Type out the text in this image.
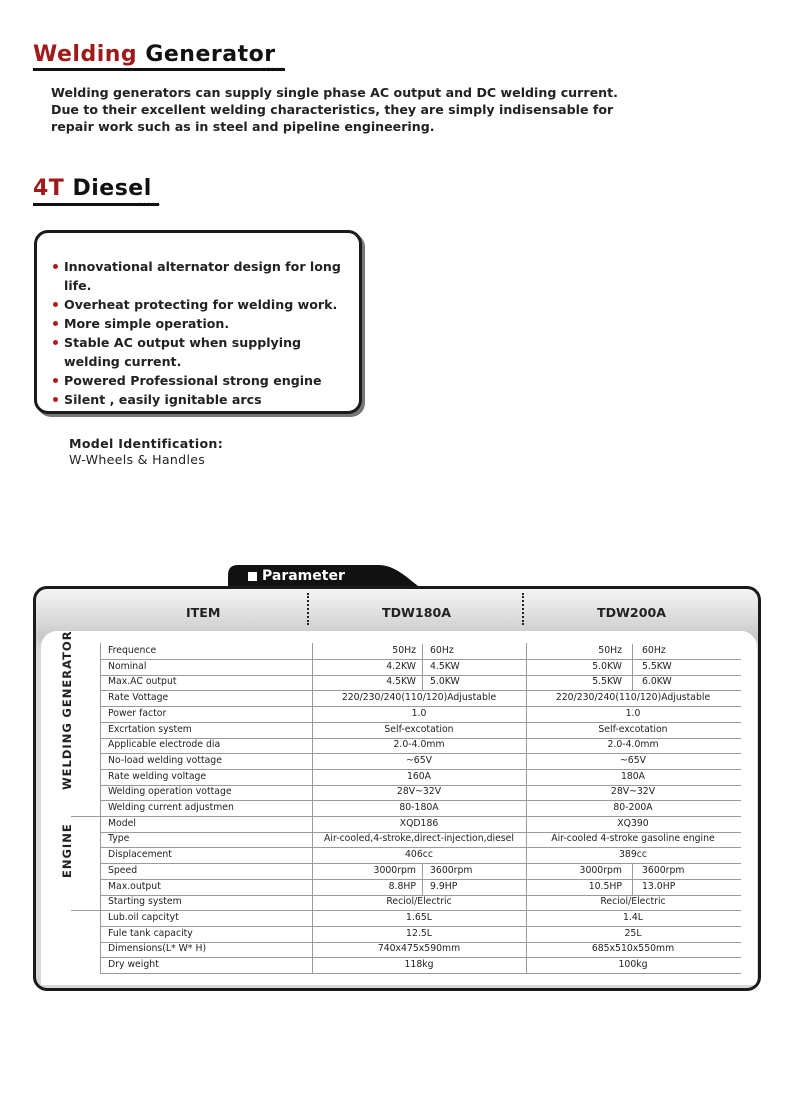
Welding Generator
›››››
Welding generators can supply single phase AC output and DC welding current.
Due to their excellent welding characteristics, they are simply indisensable for
repair work such as in steel and pipeline engineering.
4T Diesel
›››››
Innovational alternator design for long life.
Overheat protecting for welding work.
More simple operation.
Stable AC output when supplying welding current.
Powered Professional strong engine
Silent , easily ignitable arcs
Model Identification:
W-Wheels & Handles
Parameter
ITEM	TDW180A	TDW200A
GENERATOR
WELDING
ENGINE
Frequence	50Hz 60Hz	50Hz 60Hz
Nominal	4.2KW 4.5KW	5.0KW 5.5KW
Max.AC output	4.5KW 5.0KW	5.5KW 6.0KW
Rate Vottage	220/230/240(110/120)Adjustable	220/230/240(110/120)Adjustable
Power factor	1.0	1.0
Excrtation system	Self-excotation	Self-excotation
Applicable electrode dia	2.0-4.0mm	2.0-4.0mm
No-load welding vottage	~65V	~65V
Rate welding voltage	160A	180A
Welding operation vottage	28V~32V	28V~32V
Welding current adjustmen	80-180A	80-200A
Model	XQD186	XQ390
Type	Air-cooled,4-stroke,direct-injection,diesel	Air-cooled 4-stroke gasoline engine
Displacement	406cc	389cc
Speed	3000rpm 3600rpm	3000rpm 3600rpm
Max.output	8.8HP 9.9HP	10.5HP 13.0HP
Starting system	Reciol/Electric	Reciol/Electric
Lub.oil capcityt	1.65L	1.4L
Fule tank capacity	12.5L	25L
Dimensions(L* W* H)	740x475x590mm	685x510x550mm
Dry weight	118kg	100kg
